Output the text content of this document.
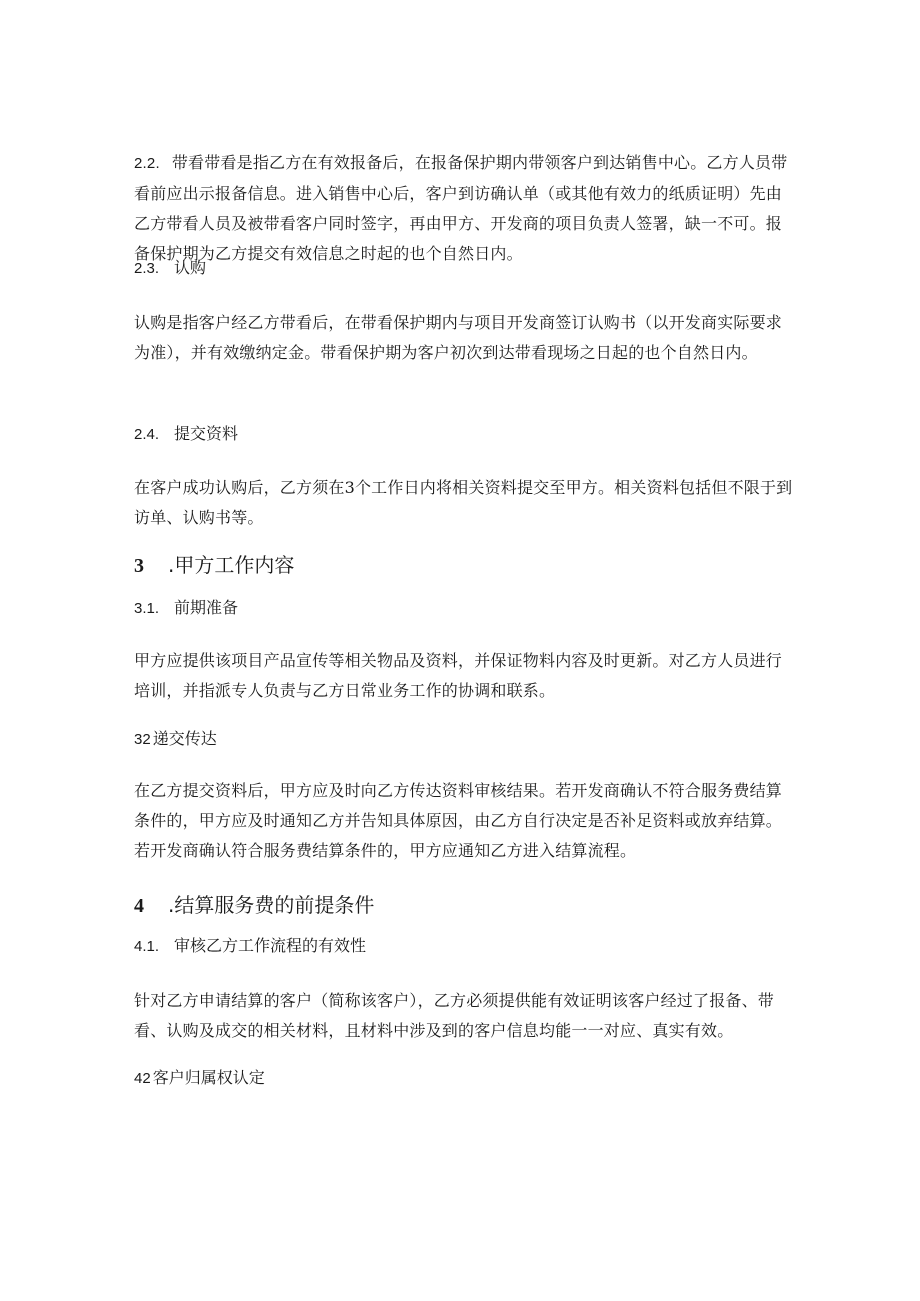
2.2. 带看带看是指乙方在有效报备后，在报备保护期内带领客户到达销售中心。乙方人员带看前应出示报备信息。进入销售中心后，客户到访确认单（或其他有效力的纸质证明）先由乙方带看人员及被带看客户同时签字，再由甲方、开发商的项目负责人签署，缺一不可。报备保护期为乙方提交有效信息之时起的也个自然日内。

2.3. 认购

认购是指客户经乙方带看后，在带看保护期内与项目开发商签订认购书（以开发商实际要求为准），并有效缴纳定金。带看保护期为客户初次到达带看现场之日起的也个自然日内。

2.4. 提交资料

在客户成功认购后，乙方须在3个工作日内将相关资料提交至甲方。相关资料包括但不限于到访单、认购书等。

3 .甲方工作内容
3.1. 前期准备

甲方应提供该项目产品宣传等相关物品及资料，并保证物料内容及时更新。对乙方人员进行培训，并指派专人负责与乙方日常业务工作的协调和联系。

32 递交传达

在乙方提交资料后，甲方应及时向乙方传达资料审核结果。若开发商确认不符合服务费结算条件的，甲方应及时通知乙方并告知具体原因，由乙方自行决定是否补足资料或放弃结算。若开发商确认符合服务费结算条件的，甲方应通知乙方进入结算流程。

4 .结算服务费的前提条件
4.1. 审核乙方工作流程的有效性

针对乙方申请结算的客户（简称该客户），乙方必须提供能有效证明该客户经过了报备、带看、认购及成交的相关材料，且材料中涉及到的客户信息均能一一对应、真实有效。

42 客户归属权认定
